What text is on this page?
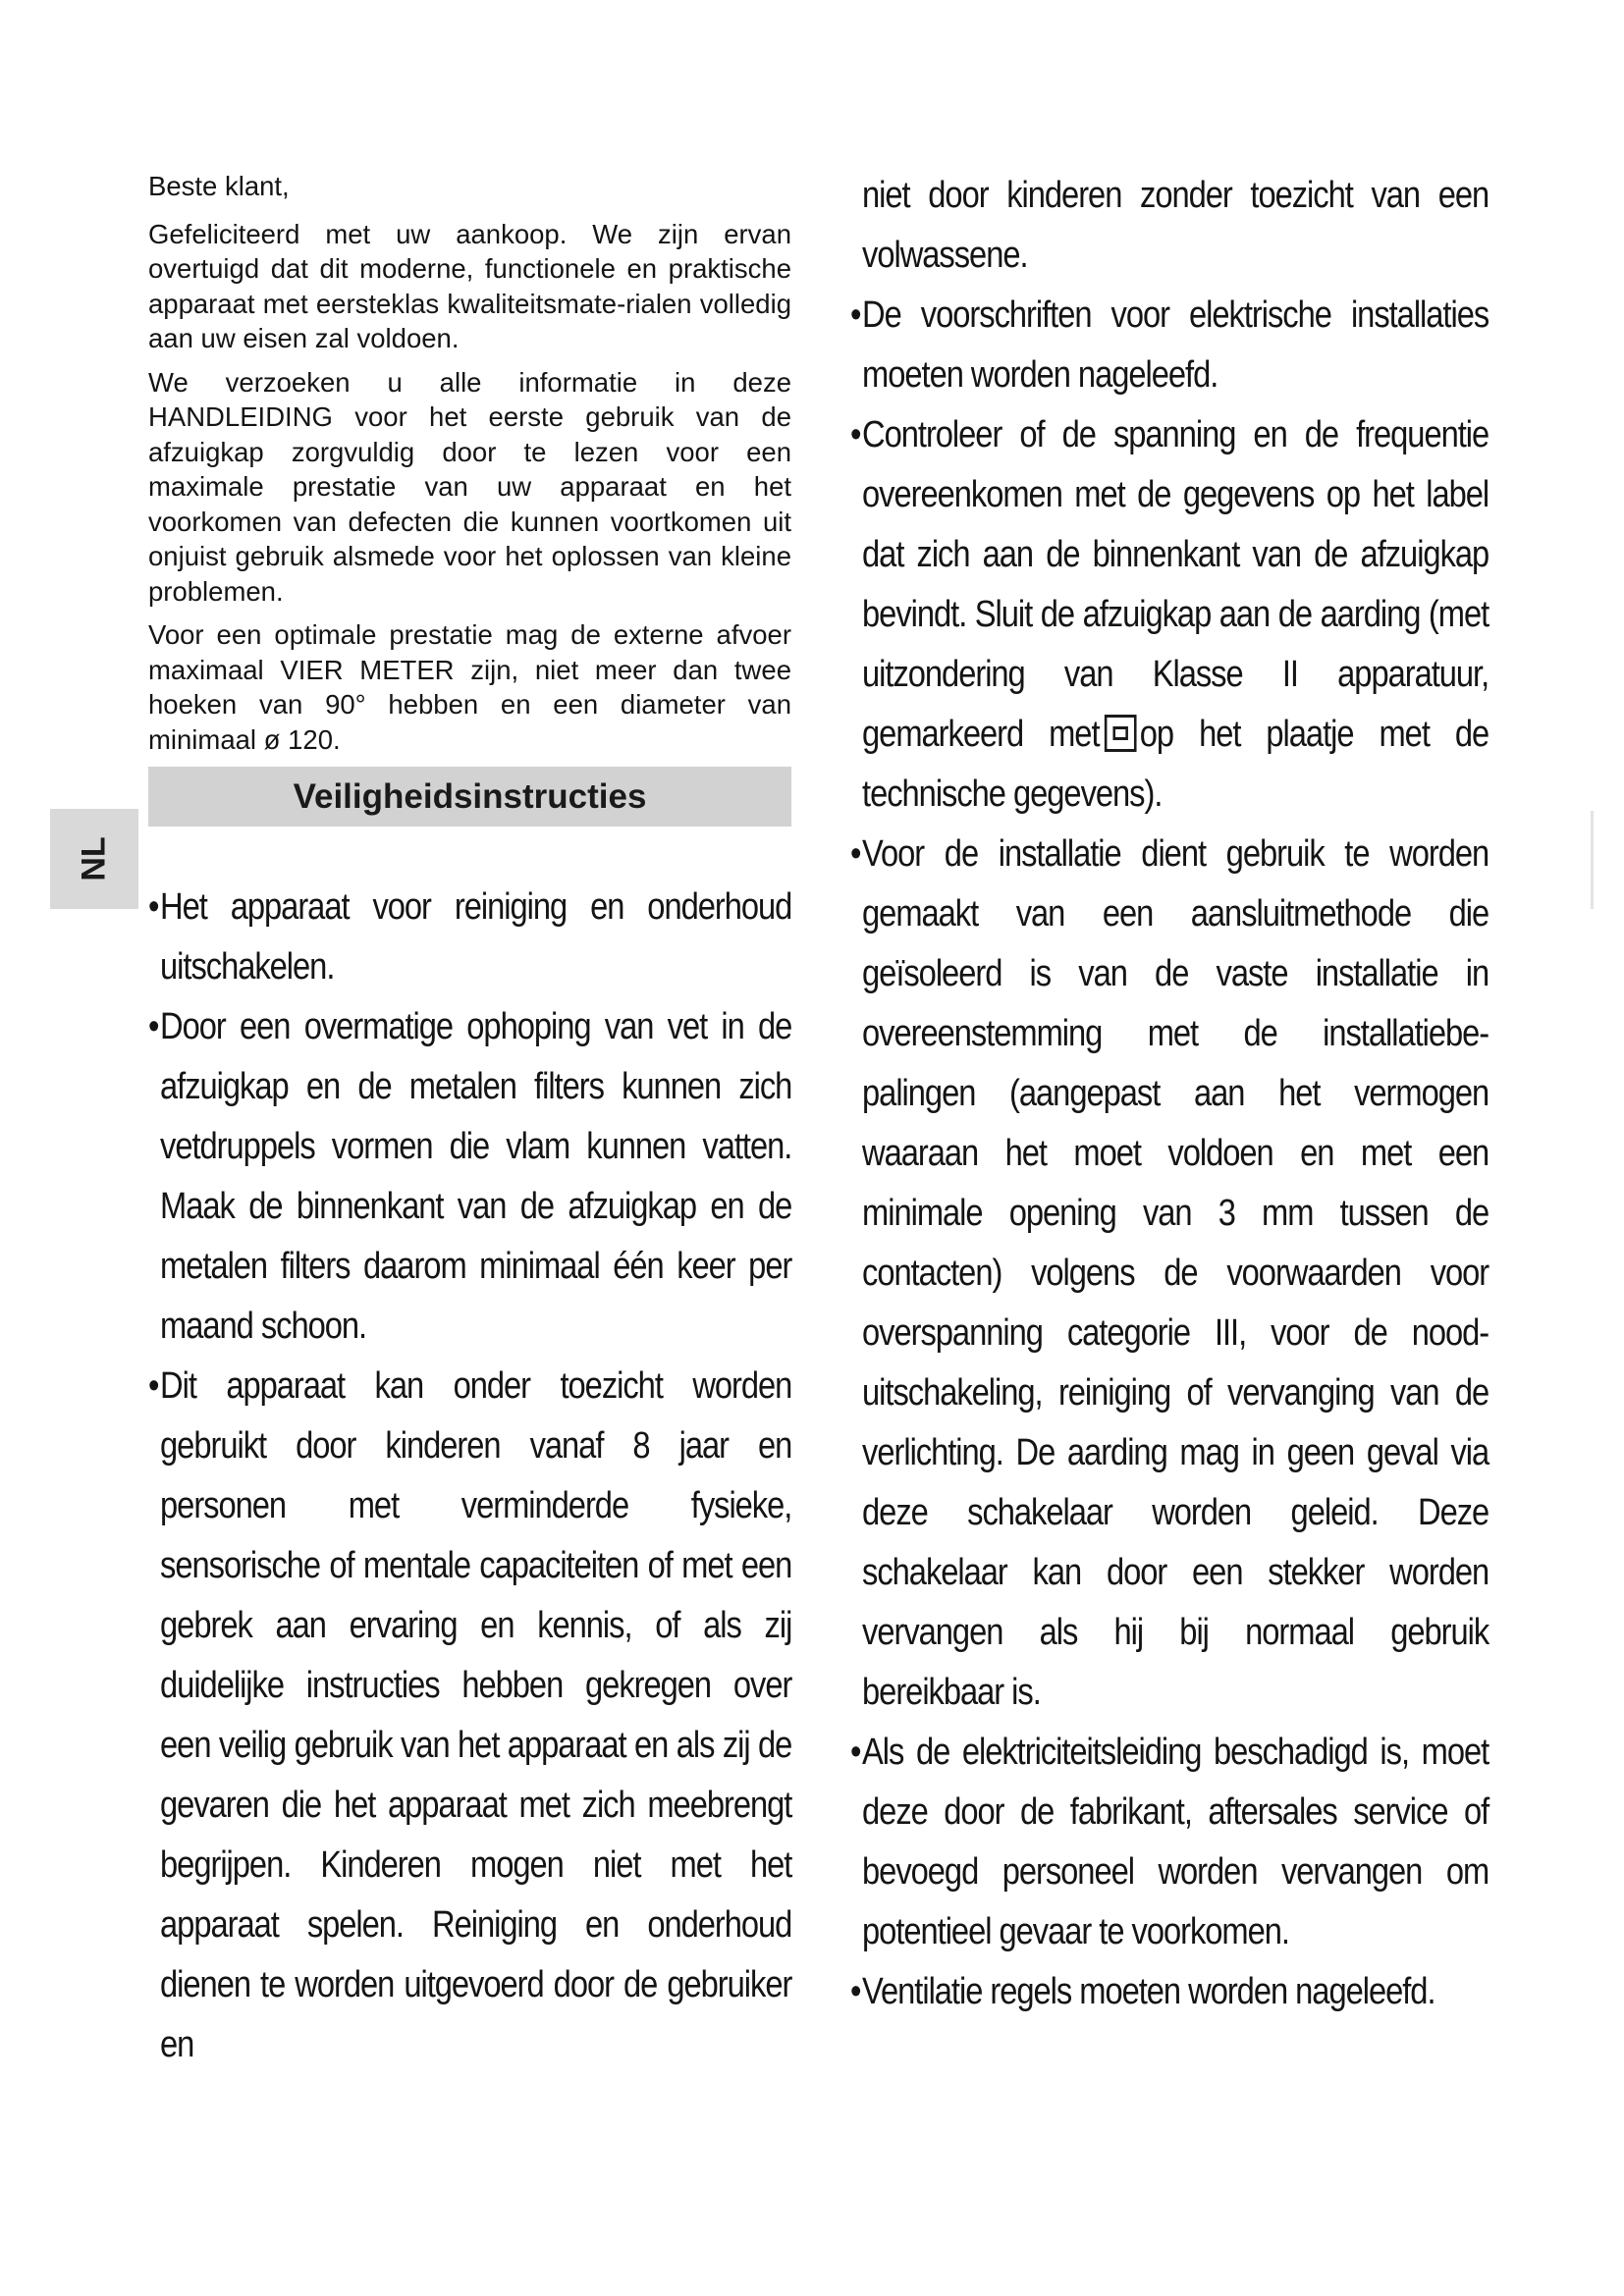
NL

Beste klant,

Gefeliciteerd met uw aankoop. We zijn ervan overtuigd dat dit moderne, functionele en praktische apparaat met eersteklas kwaliteitsmate-rialen volledig aan uw eisen zal voldoen.

We verzoeken u alle informatie in deze HANDLEIDING voor het eerste gebruik van de afzuigkap zorgvuldig door te lezen voor een maximale prestatie van uw apparaat en het voorkomen van defecten die kunnen voortkomen uit onjuist gebruik alsmede voor het oplossen van kleine problemen.

Voor een optimale prestatie mag de externe afvoer maximaal VIER METER zijn, niet meer dan twee hoeken van 90° hebben en een diameter van minimaal ø 120.

Veiligheidsinstructies
• Het apparaat voor reiniging en onderhoud uitschakelen.
• Door een overmatige ophoping van vet in de afzuigkap en de metalen filters kunnen zich vetdruppels vormen die vlam kunnen vatten. Maak de binnenkant van de afzuigkap en de metalen filters daarom minimaal één keer per maand schoon.
• Dit apparaat kan onder toezicht worden gebruikt door kinderen vanaf 8 jaar en personen met verminderde fysieke, sensorische of mentale capaciteiten of met een gebrek aan ervaring en kennis, of als zij duidelijke instructies hebben gekregen over een veilig gebruik van het apparaat en als zij de gevaren die het apparaat met zich meebrengt begrijpen. Kinderen mogen niet met het apparaat spelen. Reiniging en onderhoud dienen te worden uitgevoerd door de gebruiker en
niet door kinderen zonder toezicht van een volwassene.
• De voorschriften voor elektrische installaties moeten worden nageleefd.
• Controleer of de spanning en de frequentie overeenkomen met de gegevens op het label dat zich aan de binnenkant van de afzuigkap bevindt. Sluit de afzuigkap aan de aarding (met uitzondering van Klasse II apparatuur, gemarkeerd met op het plaatje met de technische gegevens).
• Voor de installatie dient gebruik te worden gemaakt van een aansluitmethode die geïsoleerd is van de vaste installatie in overeenstemming met de installatiebe-palingen (aangepast aan het vermogen waaraan het moet voldoen en met een minimale opening van 3 mm tussen de contacten) volgens de voorwaarden voor overspanning categorie III, voor de nood-uitschakeling, reiniging of vervanging van de verlichting. De aarding mag in geen geval via deze schakelaar worden geleid. Deze schakelaar kan door een stekker worden vervangen als hij bij normaal gebruik bereikbaar is.
• Als de elektriciteitsleiding beschadigd is, moet deze door de fabrikant, aftersales service of bevoegd personeel worden vervangen om potentieel gevaar te voorkomen.
• Ventilatie regels moeten worden nageleefd.
